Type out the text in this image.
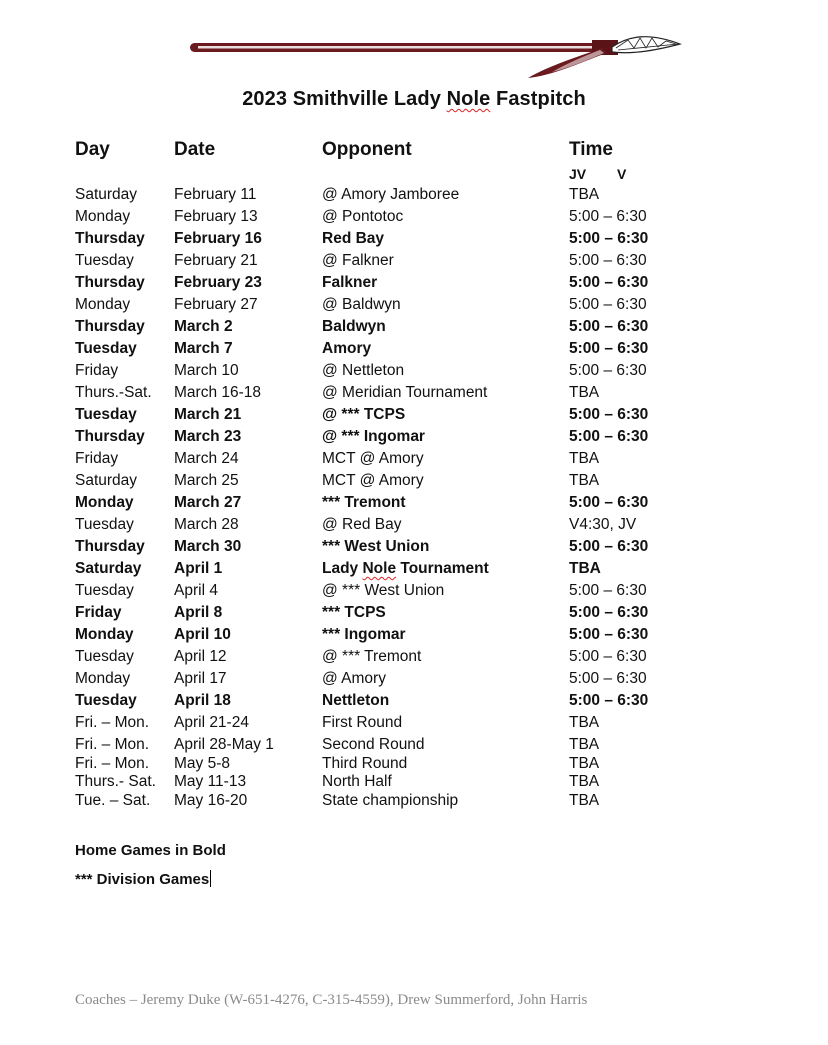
2023 Smithville Lady Nole Fastpitch
Day	Date	Opponent	Time
JV V
Saturday February 11	@ Amory Jamboree	TBA
Monday	February 13	@ Pontotoc	5:00 – 6:30
Thursday February 16	Red Bay	5:00 – 6:30
Tuesday	February 21	@ Falkner	5:00 – 6:30
Thursday February 23	Falkner	5:00 – 6:30
Monday	February 27	@ Baldwyn	5:00 – 6:30
Thursday March 2	Baldwyn	5:00 – 6:30
Tuesday March 7	Amory	5:00 – 6:30
Friday	March 10	@ Nettleton	5:00 – 6:30
Thurs.-Sat. March 16-18	@ Meridian Tournament	TBA
Tuesday March 21	@ *** TCPS	5:00 – 6:30
Thursday March 23	@ *** Ingomar	5:00 – 6:30
Friday	March 24	MCT @ Amory	TBA
Saturday March 25	MCT @ Amory	TBA
Monday	March 27	*** Tremont	5:00 – 6:30
Tuesday	March 28	@ Red Bay	V4:30, JV
Thursday March 30	*** West Union	5:00 – 6:30
Saturday April 1	Lady Nole Tournament	TBA
Tuesday	April 4	@ *** West Union	5:00 – 6:30
Friday	April 8	*** TCPS	5:00 – 6:30
Monday	April 10	*** Ingomar	5:00 – 6:30
Tuesday	April 12	@ *** Tremont	5:00 – 6:30
Monday	April 17	@ Amory	5:00 – 6:30
Tuesday April 18	Nettleton	5:00 – 6:30
Fri. – Mon. April 21-24	First Round	TBA
Fri. – Mon. April 28-May 1	Second Round	TBA
Fri. – Mon. May 5-8	Third Round	TBA
Thurs.- Sat. May 11-13	North Half	TBA
Tue. – Sat. May 16-20	State championship	TBA
Home Games in Bold
*** Division Games
Coaches – Jeremy Duke (W-651-4276, C-315-4559), Drew Summerford, John Harris
